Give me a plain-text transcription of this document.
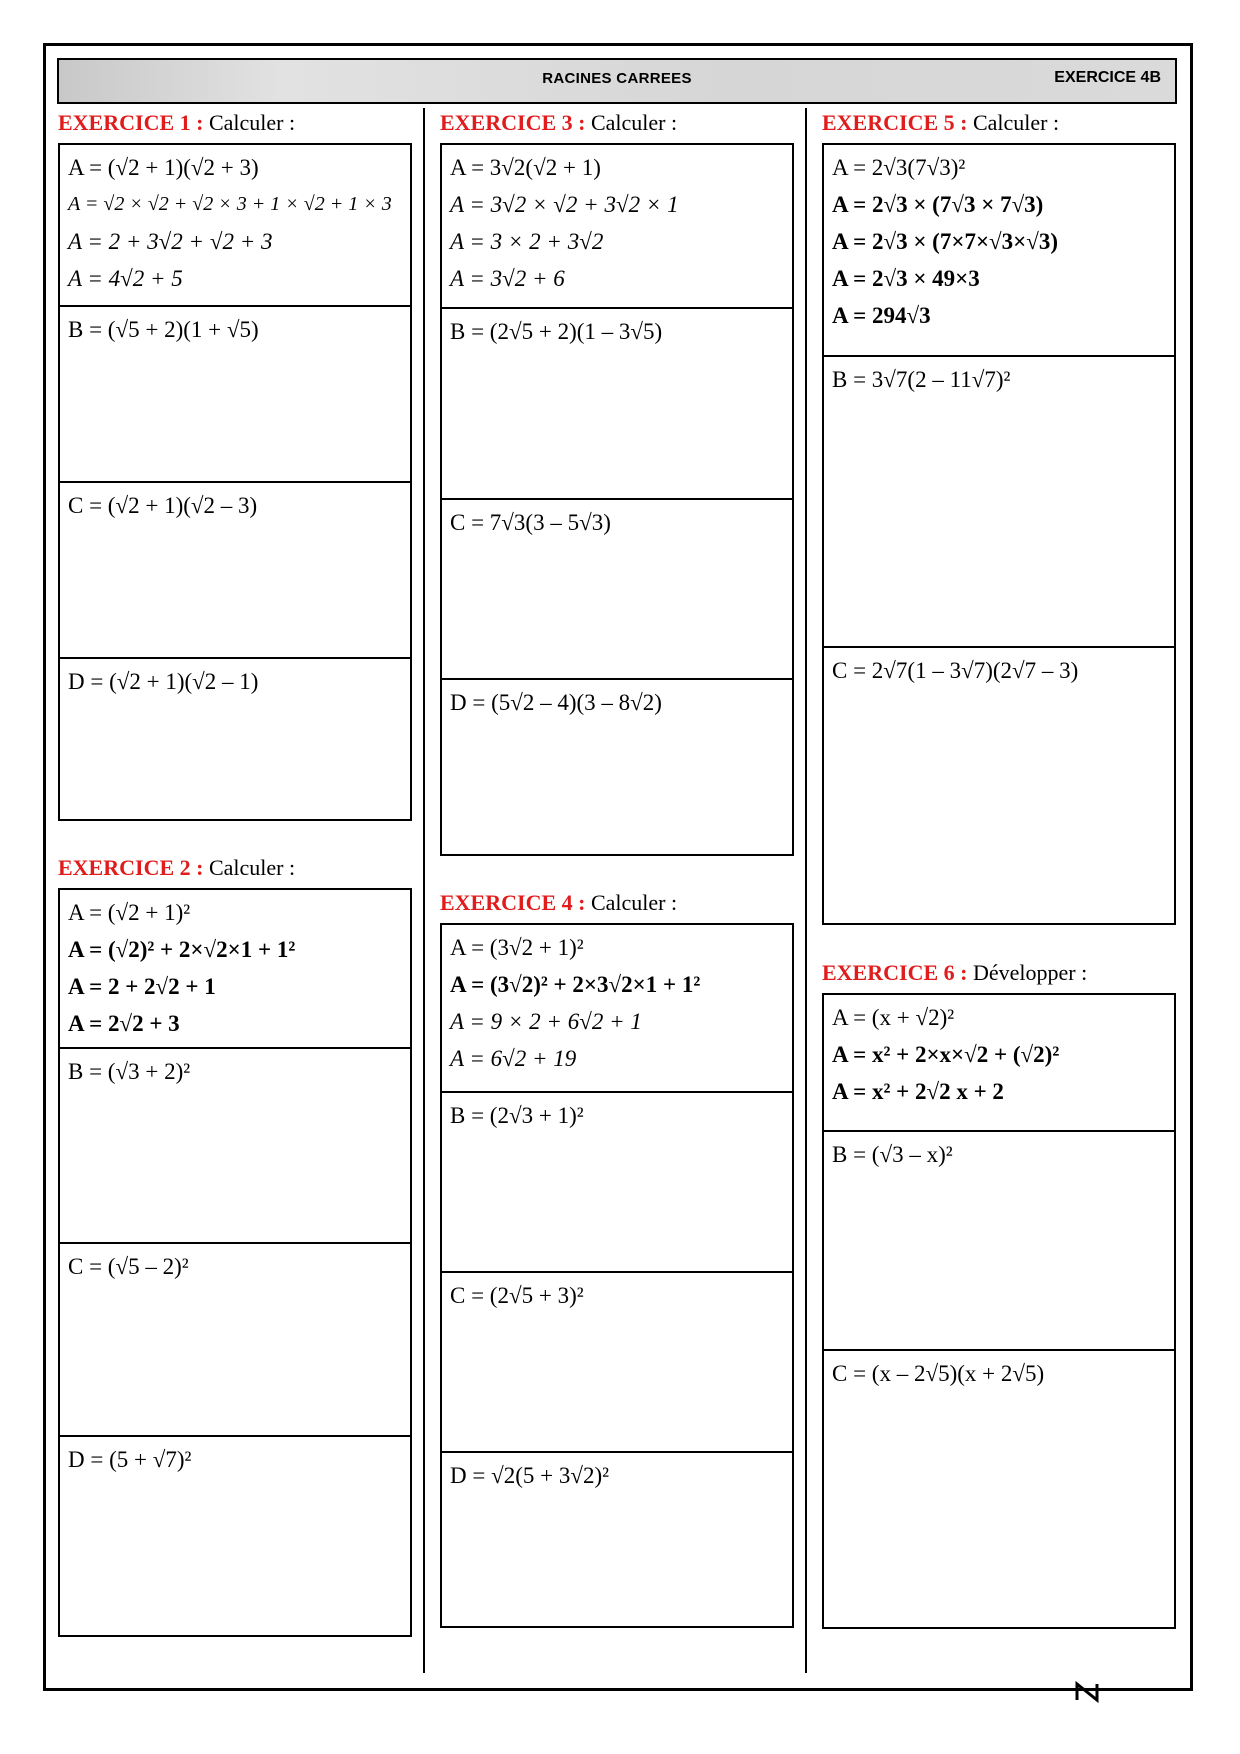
RACINES CARREES	EXERCICE 4B
EXERCICE 1 : Calculer :
A = (√2 + 1)(√2 + 3)
A = √2 × √2 + √2 × 3 + 1 × √2 + 1 × 3
A = 2 + 3√2 + √2 + 3
A = 4√2 + 5
B = (√5 + 2)(1 + √5)
C = (√2 + 1)(√2 – 3)
D = (√2 + 1)(√2 – 1)
EXERCICE 2 : Calculer :
A = (√2 + 1)²
A = (√2)² + 2×√2×1 + 1²
A = 2 + 2√2 + 1
A = 2√2 + 3
B = (√3 + 2)²
C = (√5 – 2)²
D = (5 + √7)²
EXERCICE 3 : Calculer :
A = 3√2(√2 + 1)
A = 3√2 × √2 + 3√2 × 1
A = 3 × 2 + 3√2
A = 3√2 + 6
B = (2√5 + 2)(1 – 3√5)
C = 7√3(3 – 5√3)
D = (5√2 – 4)(3 – 8√2)
EXERCICE 4 : Calculer :
A = (3√2 + 1)²
A = (3√2)² + 2×3√2×1 + 1²
A = 9 × 2 + 6√2 + 1
A = 6√2 + 19
B = (2√3 + 1)²
C = (2√5 + 3)²
D = √2(5 + 3√2)²
EXERCICE 5 : Calculer :
A = 2√3(7√3)²
A = 2√3 × (7√3 × 7√3)
A = 2√3 × (7×7×√3×√3)
A = 2√3 × 49×3
A = 294√3
B = 3√7(2 – 11√7)²
C = 2√7(1 – 3√7)(2√7 – 3)
EXERCICE 6 : Développer :
A = (x + √2)²
A = x² + 2×x×√2 + (√2)²
A = x² + 2√2 x + 2
B = (√3 – x)²
C = (x – 2√5)(x + 2√5)
